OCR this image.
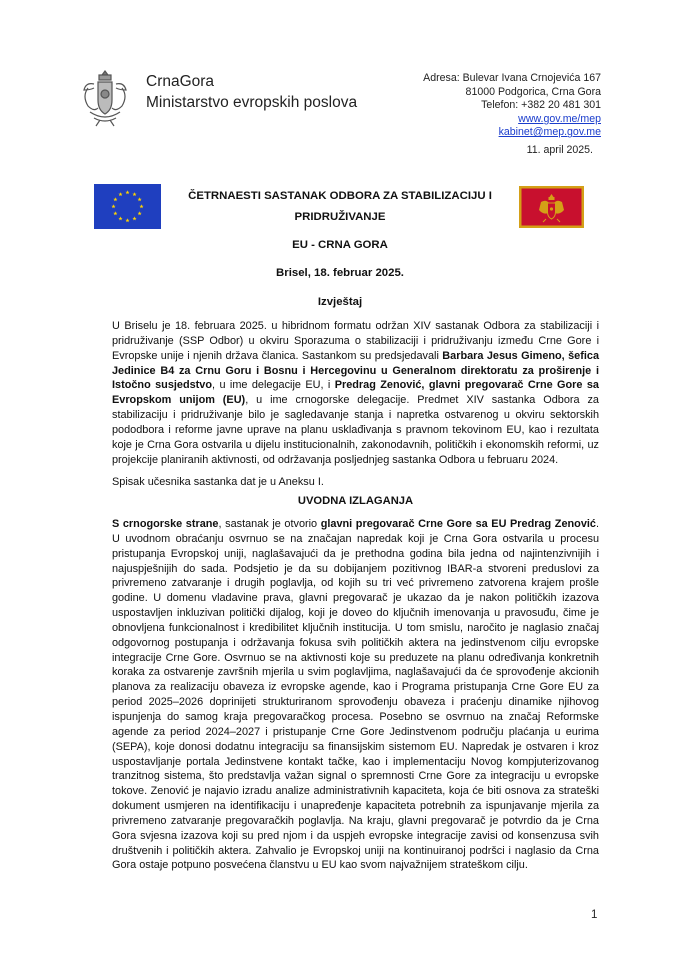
CrnaGora
Ministarstvo evropskih poslova
Adresa: Bulevar Ivana Crnojevića 167
81000 Podgorica, Crna Gora
Telefon: +382 20 481 301
www.gov.me/mep
kabinet@mep.gov.me
11. april 2025.
ČETRNAESTI SASTANAK ODBORA ZA STABILIZACIJU I PRIDRUŽIVANJE
EU - CRNA GORA
Brisel, 18. februar 2025.
Izvještaj

U Briselu je 18. februara 2025. u hibridnom formatu održan XIV sastanak Odbora za stabilizaciji i pridruživanje (SSP Odbor) u okviru Sporazuma o stabilizaciji i pridruživanju između Crne Gore i Evropske unije i njenih država članica. Sastankom su predsjedavali Barbara Jesus Gimeno, šefica Jedinice B4 za Crnu Goru i Bosnu i Hercegovinu u Generalnom direktoratu za proširenje i Istočno susjedstvo, u ime delegacije EU, i Predrag Zenović, glavni pregovarač Crne Gore sa Evropskom unijom (EU), u ime crnogorske delegacije. Predmet XIV sastanka Odbora za stabilizaciju i pridruživanje bilo je sagledavanje stanja i napretka ostvarenog u okviru sektorskih pododbora i reforme javne uprave na planu usklađivanja s pravnom tekovinom EU, kao i rezultata koje je Crna Gora ostvarila u dijelu institucionalnih, zakonodavnih, političkih i ekonomskih reformi, uz projekcije planiranih aktivnosti, od održavanja posljednjeg sastanka Odbora u februaru 2024.

Spisak učesnika sastanka dat je u Aneksu I.

UVODNA IZLAGANJA

S crnogorske strane, sastanak je otvorio glavni pregovarač Crne Gore sa EU Predrag Zenović. U uvodnom obraćanju osvrnuo se na značajan napredak koji je Crna Gora ostvarila u procesu pristupanja Evropskoj uniji, naglašavajući da je prethodna godina bila jedna od najintenzivnijih i najuspješnijih do sada. Podsjetio je da su dobijanjem pozitivnog IBAR-a stvoreni preduslovi za privremeno zatvaranje i drugih poglavlja, od kojih su tri već privremeno zatvorena krajem prošle godine. U domenu vladavine prava, glavni pregovarač je ukazao da je nakon političkih izazova uspostavljen inkluzivan politički dijalog, koji je doveo do ključnih imenovanja u pravosuđu, čime je obnovljena funkcionalnost i kredibilitet ključnih institucija. U tom smislu, naročito je naglasio značaj odgovornog postupanja i održavanja fokusa svih političkih aktera na jedinstvenom cilju evropske integracije Crne Gore. Osvrnuo se na aktivnosti koje su preduzete na planu određivanja konkretnih koraka za ostvarenje završnih mjerila u svim poglavljima, naglašavajući da će sprovođenje akcionih planova za realizaciju obaveza iz evropske agende, kao i Programa pristupanja Crne Gore EU za period 2025–2026 doprinijeti strukturiranom sprovođenju obaveza i praćenju dinamike njihovog ispunjenja do samog kraja pregovaračkog procesa. Posebno se osvrnuo na značaj Reformske agende za period 2024–2027 i pristupanje Crne Gore Jedinstvenom području plaćanja u eurima (SEPA), koje donosi dodatnu integraciju sa finansijskim sistemom EU. Napredak je ostvaren i kroz uspostavljanje portala Jedinstvene kontakt tačke, kao i implementaciju Novog kompjuterizovanog tranzitnog sistema, što predstavlja važan signal o spremnosti Crne Gore za integraciju u evropske tokove. Zenović je najavio izradu analize administrativnih kapaciteta, koja će biti osnova za strateški dokument usmjeren na identifikaciju i unapređenje kapaciteta potrebnih za ispunjavanje mjerila za privremeno zatvaranje pregovaračkih poglavlja. Na kraju, glavni pregovarač je potvrdio da je Crna Gora svjesna izazova koji su pred njom i da uspjeh evropske integracije zavisi od konsenzusa svih društvenih i političkih aktera. Zahvalio je Evropskoj uniji na kontinuiranoj podršci i naglasio da Crna Gora ostaje potpuno posvećena članstvu u EU kao svom najvažnijem strateškom cilju.

1
